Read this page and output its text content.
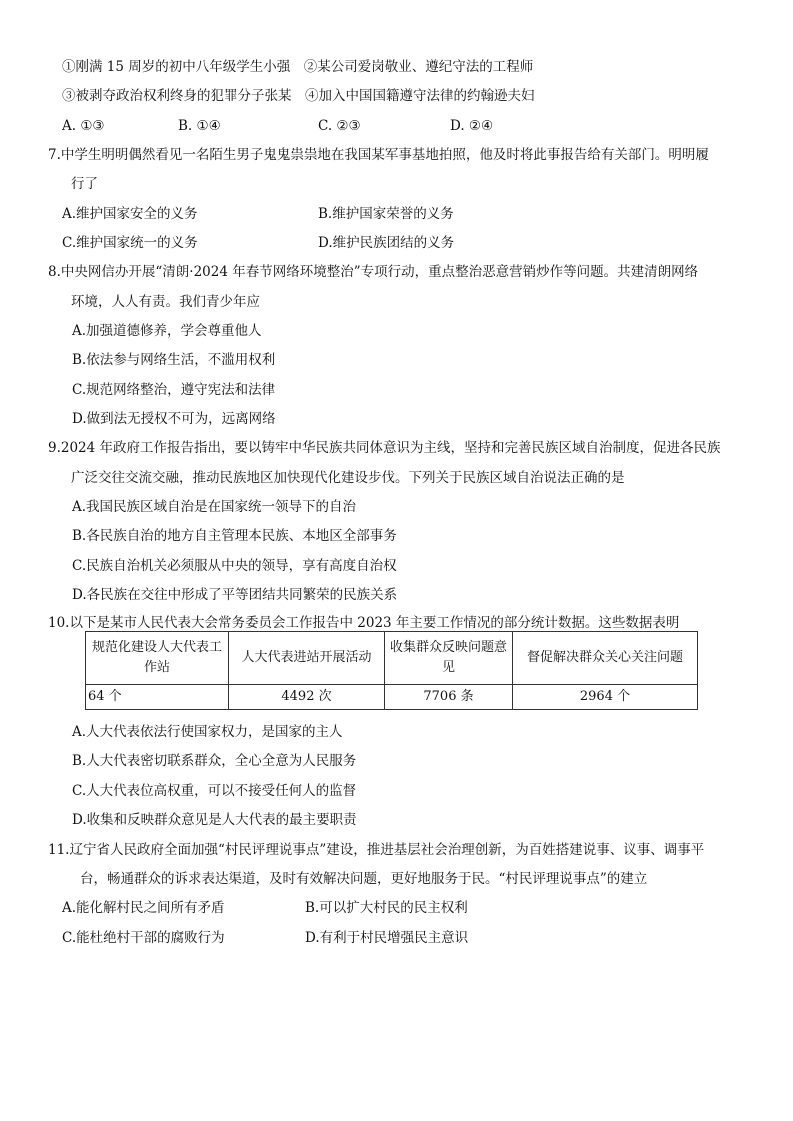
①刚满 15 周岁的初中八年级学生小强　②某公司爱岗敬业、遵纪守法的工程师
③被剥夺政治权利终身的犯罪分子张某　④加入中国国籍遵守法律的约翰逊夫妇
A. ①③	B. ①④	C. ②③	D. ②④
7.中学生明明偶然看见一名陌生男子鬼鬼祟祟地在我国某军事基地拍照，他及时将此事报告给有关部门。明明履
行了
A.维护国家安全的义务	B.维护国家荣誉的义务
C.维护国家统一的义务	D.维护民族团结的义务
8.中央网信办开展“清朗·2024 年春节网络环境整治”专项行动，重点整治恶意营销炒作等问题。共建清朗网络
环境，人人有责。我们青少年应
A.加强道德修养，学会尊重他人
B.依法参与网络生活，不滥用权利
C.规范网络整治，遵守宪法和法律
D.做到法无授权不可为，远离网络
9.2024 年政府工作报告指出，要以铸牢中华民族共同体意识为主线，坚持和完善民族区域自治制度，促进各民族
广泛交往交流交融，推动民族地区加快现代化建设步伐。下列关于民族区域自治说法正确的是
A.我国民族区域自治是在国家统一领导下的自治
B.各民族自治的地方自主管理本民族、本地区全部事务
C.民族自治机关必须服从中央的领导，享有高度自治权
D.各民族在交往中形成了平等团结共同繁荣的民族关系
10.以下是某市人民代表大会常务委员会工作报告中 2023 年主要工作情况的部分统计数据。这些数据表明
规范化建设人大代表工作站	人大代表进站开展活动	收集群众反映问题意见	督促解决群众关心关注问题
64 个	4492 次	7706 条	2964 个
A.人大代表依法行使国家权力，是国家的主人
B.人大代表密切联系群众，全心全意为人民服务
C.人大代表位高权重，可以不接受任何人的监督
D.收集和反映群众意见是人大代表的最主要职责
11.辽宁省人民政府全面加强“村民评理说事点”建设，推进基层社会治理创新，为百姓搭建说事、议事、调事平
台，畅通群众的诉求表达渠道，及时有效解决问题，更好地服务于民。“村民评理说事点”的建立
A.能化解村民之间所有矛盾	B.可以扩大村民的民主权利
C.能杜绝村干部的腐败行为	D.有利于村民增强民主意识
